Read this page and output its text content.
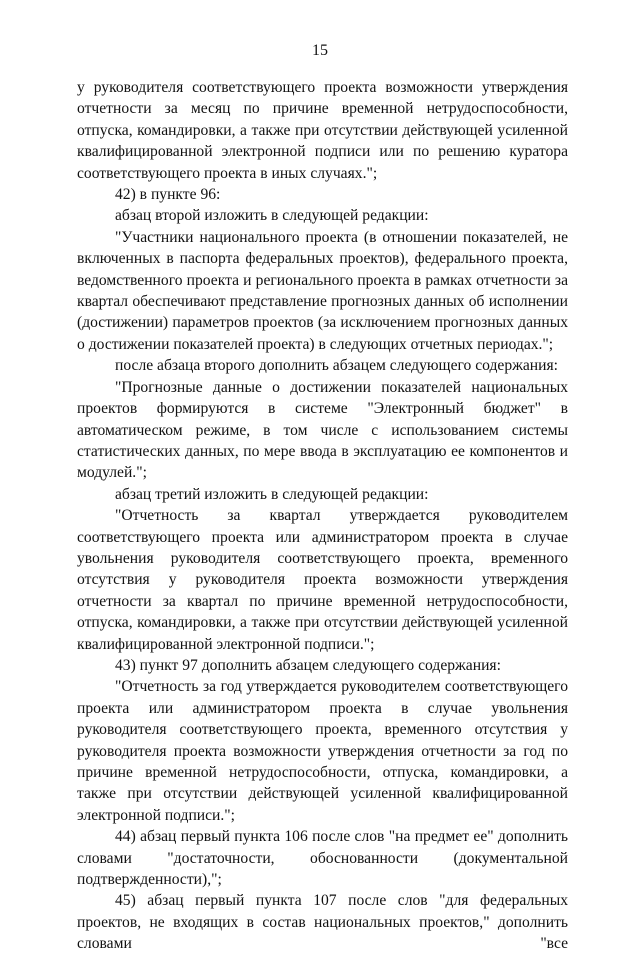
15

у руководителя соответствующего проекта возможности утверждения отчетности за месяц по причине временной нетрудоспособности, отпуска, командировки, а также при отсутствии действующей усиленной квалифицированной электронной подписи или по решению куратора соответствующего проекта в иных случаях.";

42) в пункте 96:

абзац второй изложить в следующей редакции:

"Участники национального проекта (в отношении показателей, не включенных в паспорта федеральных проектов), федерального проекта, ведомственного проекта и регионального проекта в рамках отчетности за квартал обеспечивают представление прогнозных данных об исполнении (достижении) параметров проектов (за исключением прогнозных данных о достижении показателей проекта) в следующих отчетных периодах.";

после абзаца второго дополнить абзацем следующего содержания:

"Прогнозные данные о достижении показателей национальных проектов формируются в системе "Электронный бюджет" в автоматическом режиме, в том числе с использованием системы статистических данных, по мере ввода в эксплуатацию ее компонентов и модулей.";

абзац третий изложить в следующей редакции:

"Отчетность за квартал утверждается руководителем соответствующего проекта или администратором проекта в случае увольнения руководителя соответствующего проекта, временного отсутствия у руководителя проекта возможности утверждения отчетности за квартал по причине временной нетрудоспособности, отпуска, командировки, а также при отсутствии действующей усиленной квалифицированной электронной подписи.";

43) пункт 97 дополнить абзацем следующего содержания:

"Отчетность за год утверждается руководителем соответствующего проекта или администратором проекта в случае увольнения руководителя соответствующего проекта, временного отсутствия у руководителя проекта возможности утверждения отчетности за год по причине временной нетрудоспособности, отпуска, командировки, а также при отсутствии действующей усиленной квалифицированной электронной подписи.";

44) абзац первый пункта 106 после слов "на предмет ее" дополнить словами "достаточности, обоснованности (документальной подтвержденности),";

45) абзац первый пункта 107 после слов "для федеральных проектов, не входящих в состав национальных проектов," дополнить словами "все
